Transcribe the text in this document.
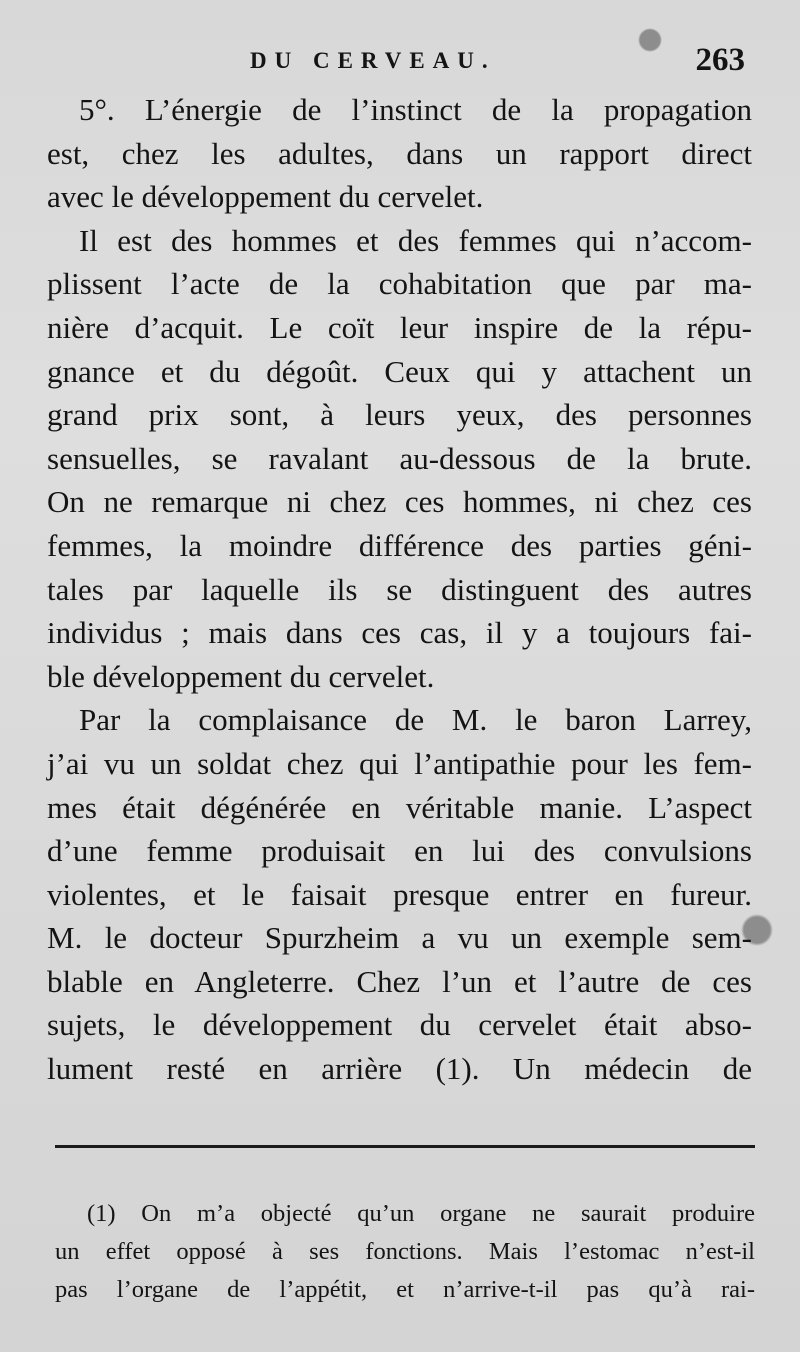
DU CERVEAU.	263
5°. L’énergie de l’instinct de la propagation
est, chez les adultes, dans un rapport direct
avec le développement du cervelet.
Il est des hommes et des femmes qui n’accom-
plissent l’acte de la cohabitation que par ma-
nière d’acquit. Le coït leur inspire de la répu-
gnance et du dégoût. Ceux qui y attachent un
grand prix sont, à leurs yeux, des personnes
sensuelles, se ravalant au-dessous de la brute.
On ne remarque ni chez ces hommes, ni chez ces
femmes, la moindre différence des parties géni-
tales par laquelle ils se distinguent des autres
individus ; mais dans ces cas, il y a toujours fai-
ble développement du cervelet.
Par la complaisance de M. le baron Larrey,
j’ai vu un soldat chez qui l’antipathie pour les fem-
mes était dégénérée en véritable manie. L’aspect
d’une femme produisait en lui des convulsions
violentes, et le faisait presque entrer en fureur.
M. le docteur Spurzheim a vu un exemple sem-
blable en Angleterre. Chez l’un et l’autre de ces
sujets, le développement du cervelet était abso-
lument resté en arrière (1). Un médecin de
(1) On m’a objecté qu’un organe ne saurait produire
un effet opposé à ses fonctions. Mais l’estomac n’est-il
pas l’organe de l’appétit, et n’arrive-t-il pas qu’à rai-
